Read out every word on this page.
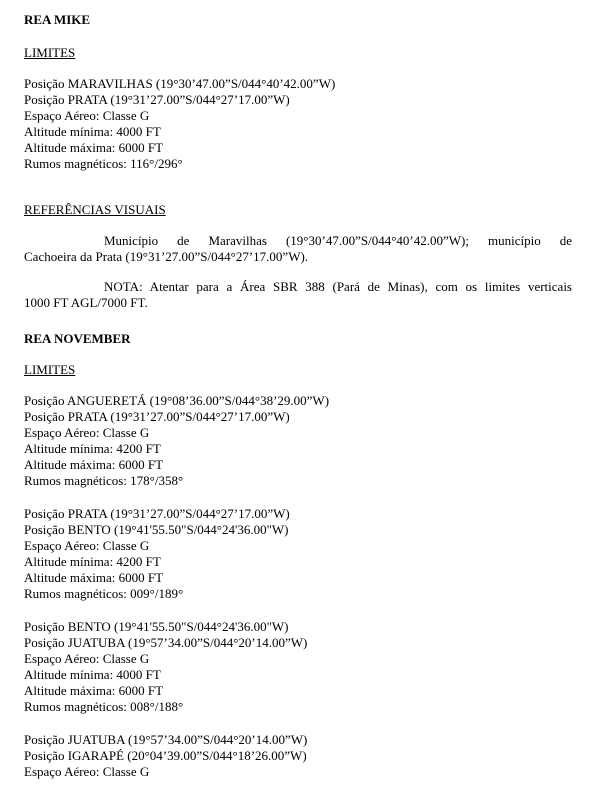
REA MIKE
LIMITES
Posição MARAVILHAS (19°30’47.00”S/044°40’42.00”W)
Posição PRATA (19°31’27.00”S/044°27’17.00”W)
Espaço Aéreo: Classe G
Altitude mínima: 4000 FT
Altitude máxima: 6000 FT
Rumos magnéticos: 116°/296°
REFERÊNCIAS VISUAIS
Município de Maravilhas (19°30’47.00”S/044°40’42.00”W); município de
Cachoeira da Prata (19°31’27.00”S/044°27’17.00”W).
NOTA: Atentar para a Área SBR 388 (Pará de Minas), com os limites verticais
1000 FT AGL/7000 FT.
REA NOVEMBER
LIMITES
Posição ANGUERETÁ (19°08’36.00”S/044°38’29.00”W)
Posição PRATA (19°31’27.00”S/044°27’17.00”W)
Espaço Aéreo: Classe G
Altitude mínima: 4200 FT
Altitude máxima: 6000 FT
Rumos magnéticos: 178°/358°
Posição PRATA (19°31’27.00”S/044°27’17.00”W)
Posição BENTO (19°41'55.50"S/044°24'36.00"W)
Espaço Aéreo: Classe G
Altitude mínima: 4200 FT
Altitude máxima: 6000 FT
Rumos magnéticos: 009°/189°
Posição BENTO (19°41'55.50"S/044°24'36.00"W)
Posição JUATUBA (19°57’34.00”S/044°20’14.00”W)
Espaço Aéreo: Classe G
Altitude mínima: 4000 FT
Altitude máxima: 6000 FT
Rumos magnéticos: 008°/188°
Posição JUATUBA (19°57’34.00”S/044°20’14.00”W)
Posição IGARAPÉ (20°04’39.00”S/044°18’26.00”W)
Espaço Aéreo: Classe G
